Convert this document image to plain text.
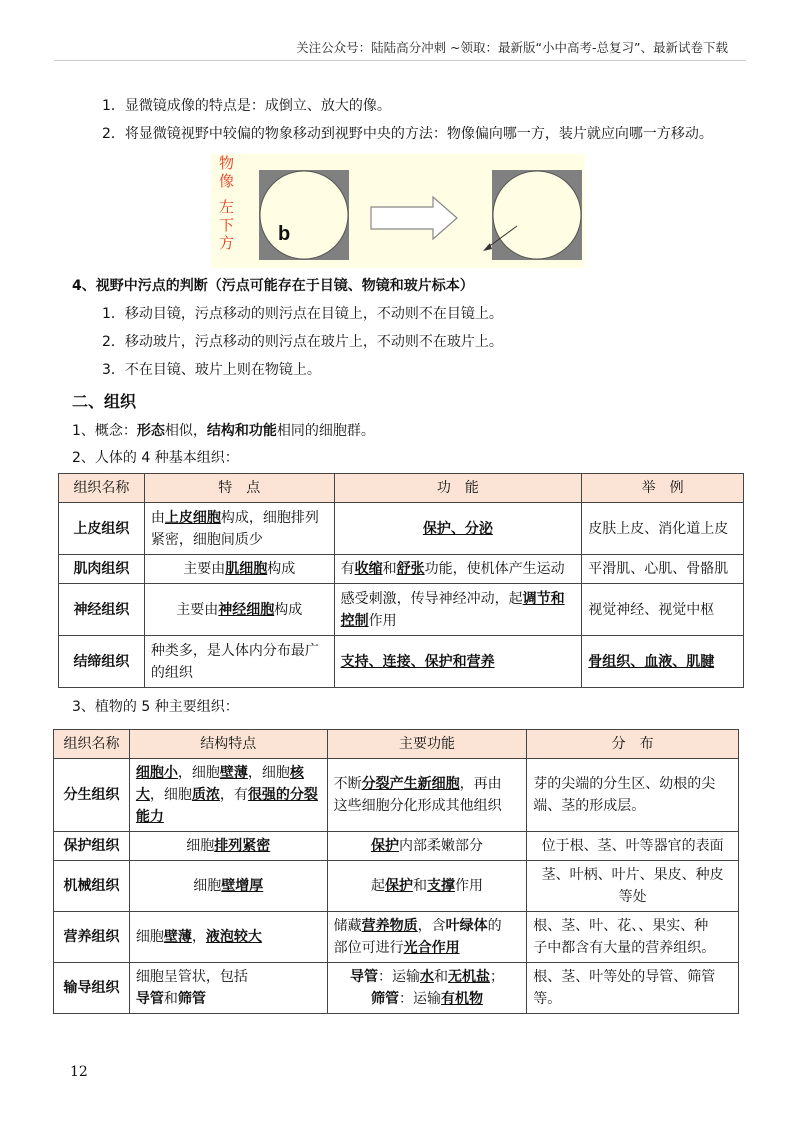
关注公众号：陆陆高分冲刺 ~领取：最新版“小中高考-总复习”、最新试卷下载
1．显微镜成像的特点是：成倒立、放大的像。
2．将显微镜视野中较偏的物象移动到视野中央的方法：物像偏向哪一方，装片就应向哪一方移动。
物
像
左
下
方 b
4、视野中污点的判断（污点可能存在于目镜、物镜和玻片标本）
1．移动目镜，污点移动的则污点在目镜上，不动则不在目镜上。
2．移动玻片，污点移动的则污点在玻片上，不动则不在玻片上。
3．不在目镜、玻片上则在物镜上。
二、组织
1、概念：形态相似，结构和功能相同的细胞群。
2、人体的 4 种基本组织：
组织名称	特　点	功　能	举　例
上皮组织	由上皮细胞构成，细胞排列
紧密，细胞间质少	保护、分泌	皮肤上皮、消化道上皮
肌肉组织	主要由肌细胞构成	有收缩和舒张功能，使机体产生运动	平滑肌、心肌、骨骼肌
神经组织	主要由神经细胞构成	感受刺激，传导神经冲动，起调节和
控制作用	视觉神经、视觉中枢
结缔组织	种类多，是人体内分布最广
的组织	支持、连接、保护和营养	骨组织、血液、肌腱
3、植物的 5 种主要组织：
组织名称	结构特点	主要功能	分　布
分生组织	细胞小，细胞壁薄，细胞核
大，细胞质浓，有很强的分裂
能力	不断分裂产生新细胞，再由
这些细胞分化形成其他组织	芽的尖端的分生区、幼根的尖
端、茎的形成层。
保护组织	细胞排列紧密	保护内部柔嫩部分	位于根、茎、叶等器官的表面
机械组织	细胞壁增厚	起保护和支撑作用	茎、叶柄、叶片、果皮、种皮
等处
营养组织	细胞壁薄，液泡较大	储藏营养物质，含叶绿体的
部位可进行光合作用	根、茎、叶、花、、果实、种
子中都含有大量的营养组织。
输导组织	细胞呈管状，包括
导管和筛管	导管：运输水和无机盐；
筛管：运输有机物	根、茎、叶等处的导管、筛管
等。
12
